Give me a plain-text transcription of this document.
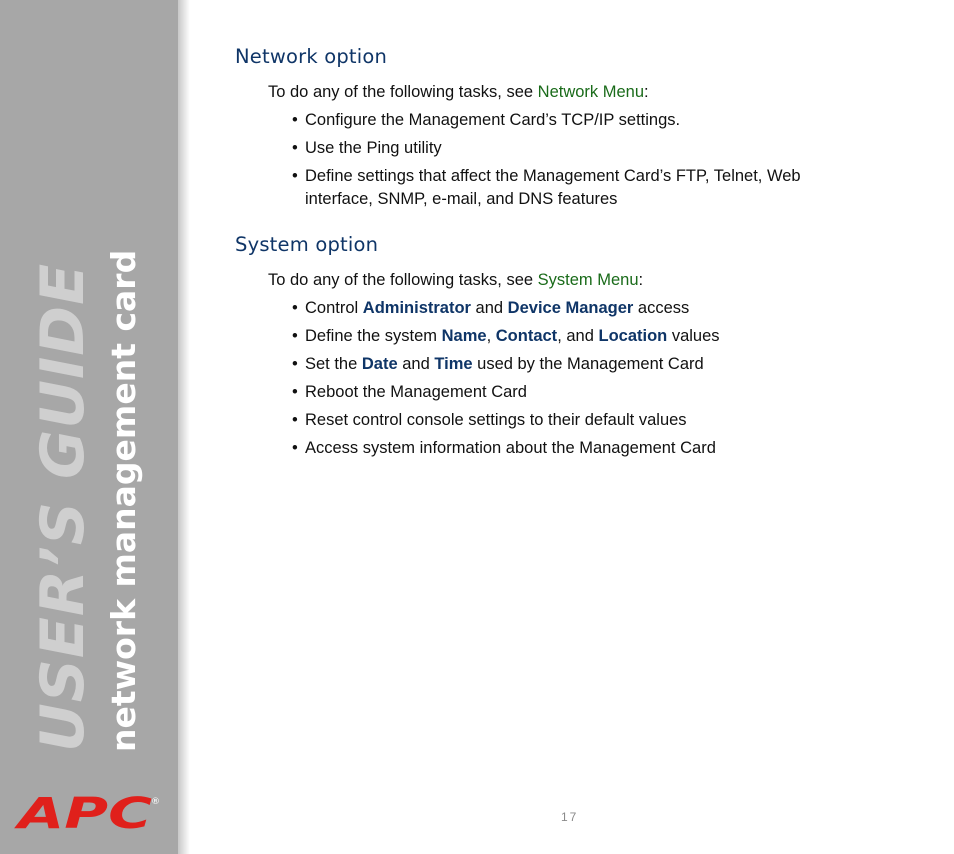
USER’S GUIDE network management card
APC
®
Network option

To do any of the following tasks, see Network Menu:

• Configure the Management Card’s TCP/IP settings.

• Use the Ping utility

• Define settings that affect the Management Card’s FTP, Telnet, Web
interface, SNMP, e-mail, and DNS features

System option

To do any of the following tasks, see System Menu:

• Control Administrator and Device Manager access

• Define the system Name, Contact, and Location values

• Set the Date and Time used by the Management Card

• Reboot the Management Card

• Reset control console settings to their default values

• Access system information about the Management Card

17
